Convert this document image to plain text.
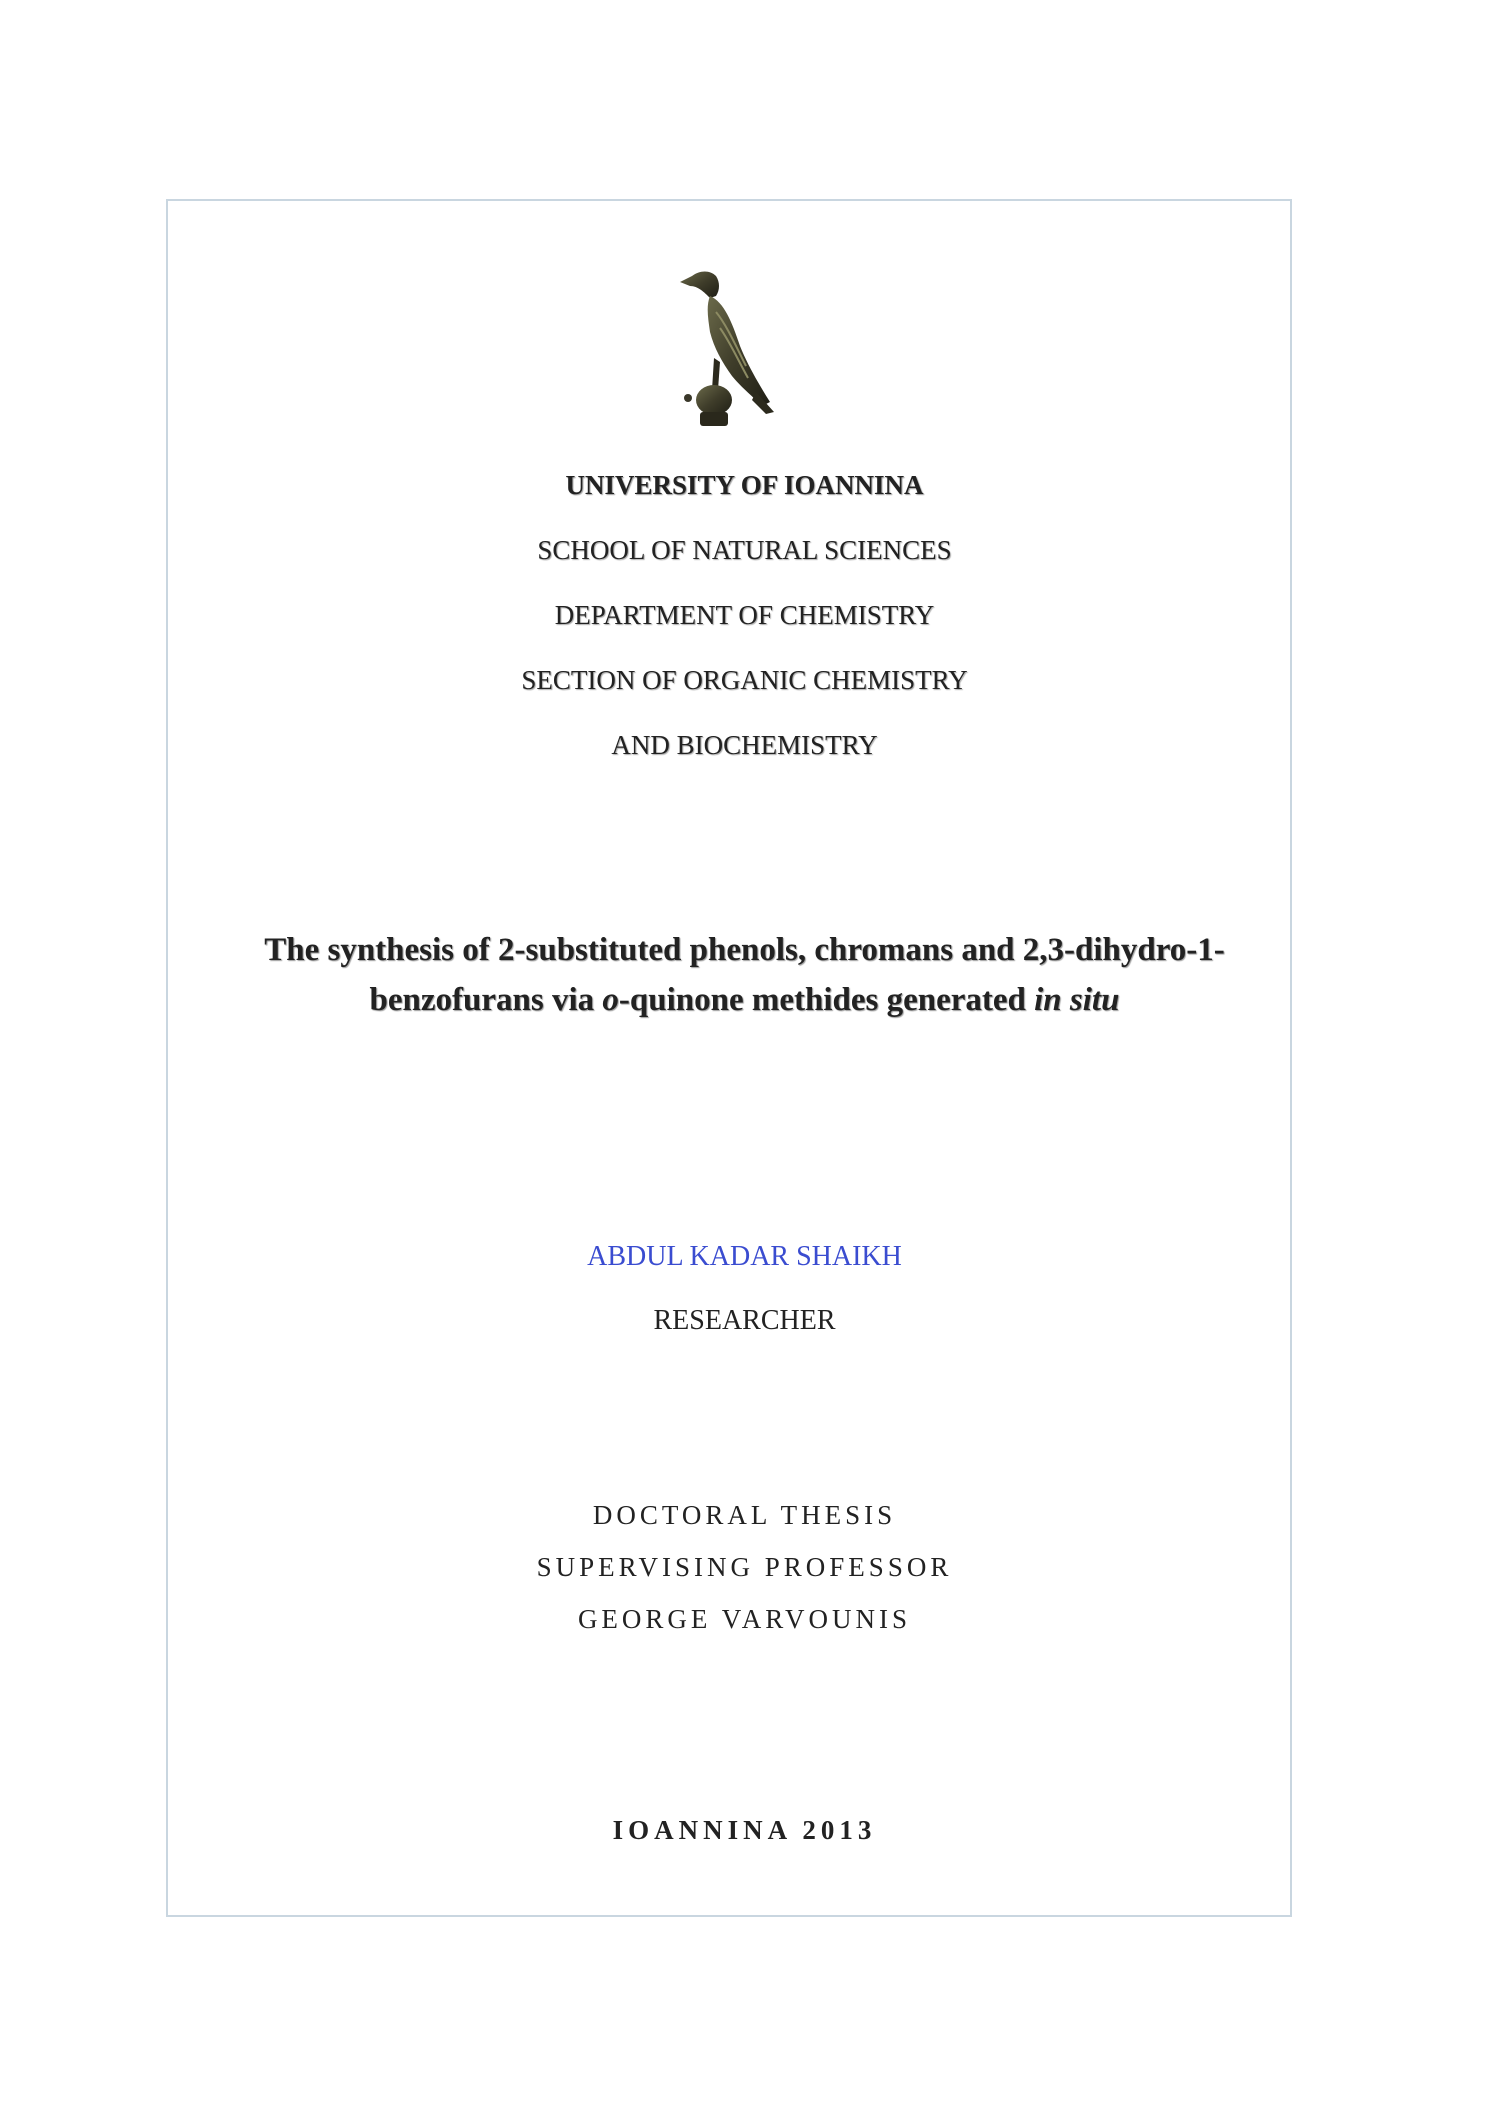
UNIVERSITY OF IOANNINA
SCHOOL OF NATURAL SCIENCES
DEPARTMENT OF CHEMISTRY
SECTION OF ORGANIC CHEMISTRY
AND BIOCHEMISTRY
The synthesis of 2-substituted phenols, chromans and 2,3-dihydro-1-
benzofurans via o-quinone methides generated in situ
ABDUL KADAR SHAIKH
RESEARCHER
DOCTORAL THESIS
SUPERVISING PROFESSOR
GEORGE VARVOUNIS
IOANNINA 2013
